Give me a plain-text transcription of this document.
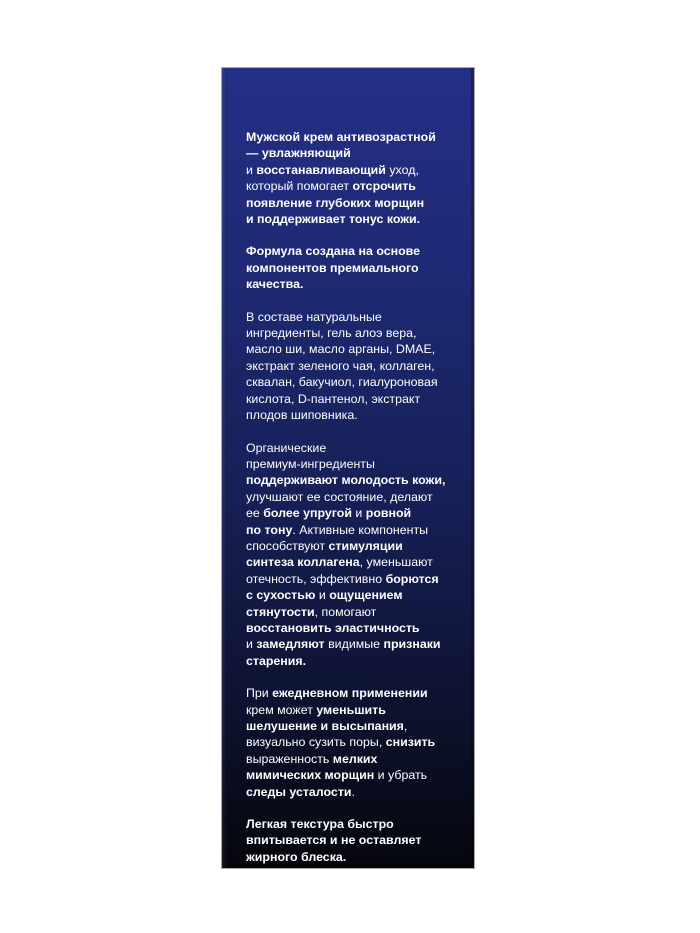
Мужской крем антивозрастной
— увлажняющий
и восстанавливающий уход,
который помогает отсрочить
появление глубоких морщин
и поддерживает тонус кожи.
Формула создана на основе
компонентов премиального
качества.
В составе натуральные
ингредиенты, гель алоэ вера,
масло ши, масло арганы, DMAE,
экстракт зеленого чая, коллаген,
сквалан, бакучиол, гиалуроновая
кислота, D-пантенол, экстракт
плодов шиповника.
Органические
премиум-ингредиенты
поддерживают молодость кожи,
улучшают ее состояние, делают
ее более упругой и ровной
по тону. Активные компоненты
способствуют стимуляции
синтеза коллагена, уменьшают
отечность, эффективно борются
с сухостью и ощущением
стянутости, помогают
восстановить эластичность
и замедляют видимые признаки
старения.
При ежедневном применении
крем может уменьшить
шелушение и высыпания,
визуально сузить поры, снизить
выраженность мелких
мимических морщин и убрать
следы усталости.
Легкая текстура быстро
впитывается и не оставляет
жирного блеска.
